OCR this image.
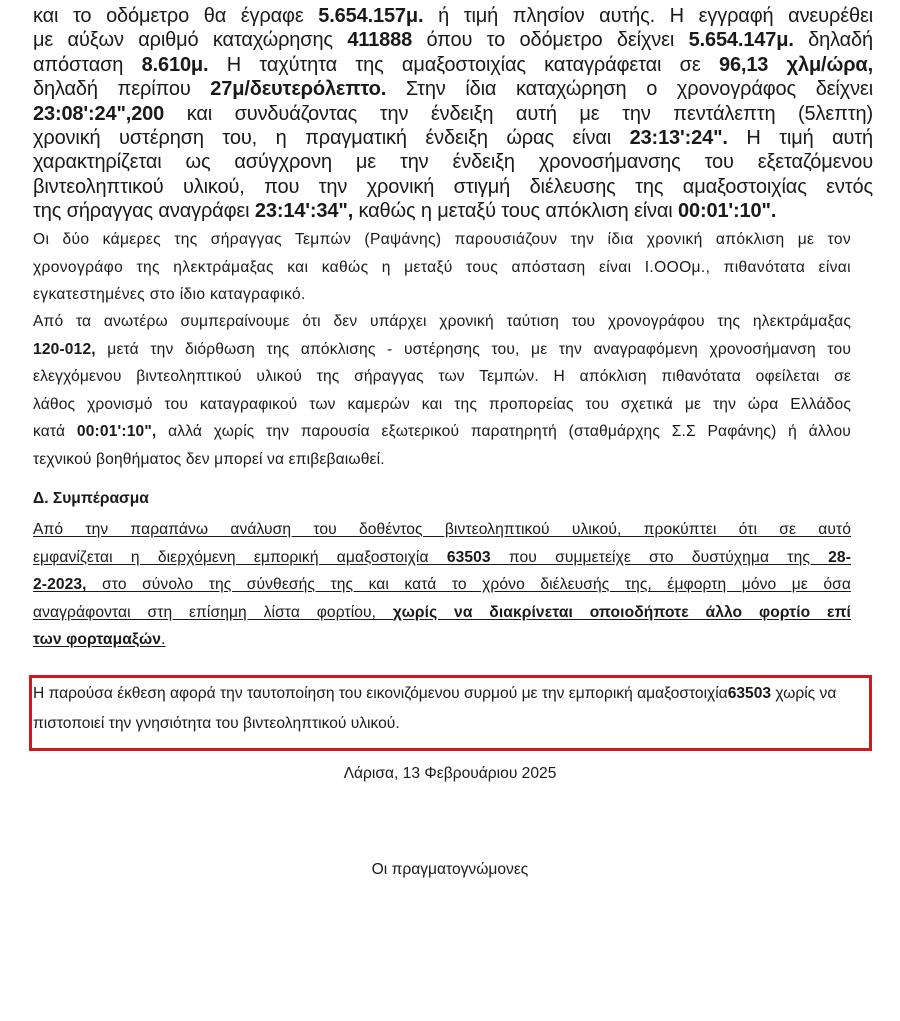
και το οδόμετρο θα έγραφε 5.654.157μ. ή τιμή πλησίον αυτής. Η εγγραφή ανευρέθει
με αύξων αριθμό καταχώρησης 411888 όπου το οδόμετρο δείχνει 5.654.147μ. δηλαδή
απόσταση 8.610μ. Η ταχύτητα της αμαξοστοιχίας καταγράφεται σε 96,13 χλμ/ώρα,
δηλαδή περίπου 27μ/δευτερόλεπτο. Στην ίδια καταχώρηση ο χρονογράφος δείχνει
23:08':24",200 και συνδυάζοντας την ένδειξη αυτή με την πεντάλεπτη (5λεπτη)
χρονική υστέρηση του, η πραγματική ένδειξη ώρας είναι 23:13':24". Η τιμή αυτή
χαρακτηρίζεται ως ασύγχρονη με την ένδειξη χρονοσήμανσης του εξεταζόμενου
βιντεοληπτικού υλικού, που την χρονική στιγμή διέλευσης της αμαξοστοιχίας εντός
της σήραγγας αναγράφει 23:14':34", καθώς η μεταξύ τους απόκλιση είναι 00:01':10".
Οι δύο κάμερες της σήραγγας Τεμπών (Ραψάνης) παρουσιάζουν την ίδια χρονική απόκλιση με τον
χρονογράφο της ηλεκτράμαξας και καθώς η μεταξύ τους απόσταση είναι Ι.ΟΟΟμ., πιθανότατα είναι
εγκατεστημένες στο ίδιο καταγραφικό.
Από τα ανωτέρω συμπεραίνουμε ότι δεν υπάρχει χρονική ταύτιση του χρονογράφου της ηλεκτράμαξας
120-012, μετά την διόρθωση της απόκλισης - υστέρησης του, με την αναγραφόμενη χρονοσήμανση του
ελεγχόμενου βιντεοληπτικού υλικού της σήραγγας των Τεμπών. Η απόκλιση πιθανότατα οφείλεται σε
λάθος χρονισμό του καταγραφικού των καμερών και της προπορείας του σχετικά με την ώρα Ελλάδος
κατά 00:01':10", αλλά χωρίς την παρουσία εξωτερικού παρατηρητή (σταθμάρχης Σ.Σ Ραφάνης) ή άλλου
τεχνικού βοηθήματος δεν μπορεί να επιβεβαιωθεί.
Δ. Συμπέρασμα
Από την παραπάνω ανάλυση του δοθέντος βιντεοληπτικού υλικού, προκύπτει ότι σε αυτό
εμφανίζεται η διερχόμενη εμπορική αμαξοστοιχία 63503 που συμμετείχε στο δυστύχημα της 28-
2-2023, στο σύνολο της σύνθεσής της και κατά το χρόνο διέλευσής της, έμφορτη μόνο με όσα
αναγράφονται στη επίσημη λίστα φορτίου, χωρίς να διακρίνεται οποιοδήποτε άλλο φορτίο επί
των φορταμαξών.
Η παρούσα έκθεση αφορά την ταυτοποίηση του εικονιζόμενου συρμού με την εμπορική αμαξοστοιχία63503 χωρίς να πιστοποιεί την γνησιότητα του βιντεοληπτικού υλικού.
Λάρισα, 13 Φεβρουάριου 2025
Οι πραγματογνώμονες
